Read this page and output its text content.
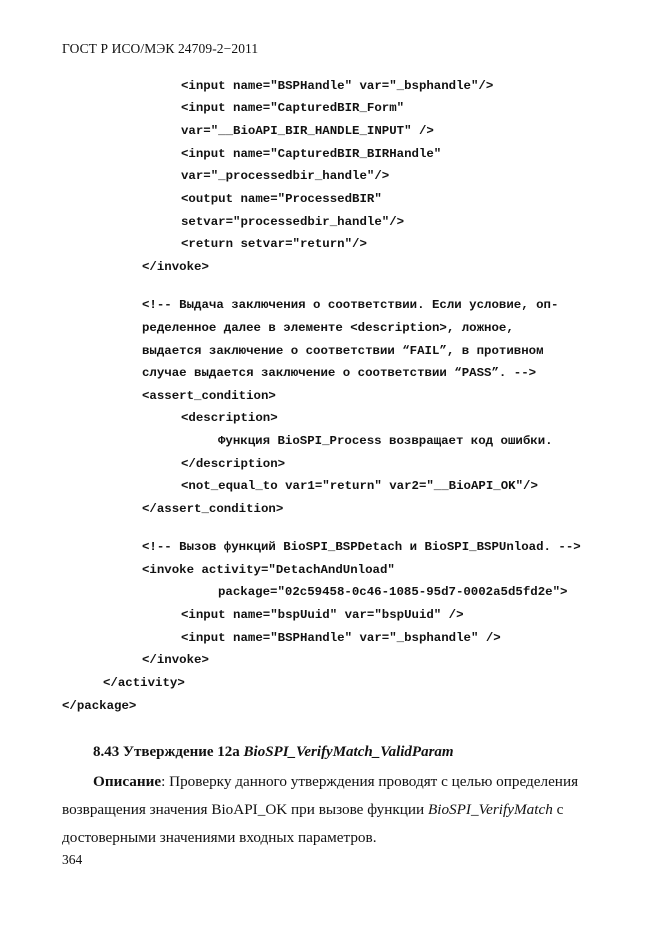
ГОСТ Р ИСО/МЭК 24709-2−2011
<input name="BSPHandle" var="_bsphandle"/>
<input name="CapturedBIR_Form"
var="__BioAPI_BIR_HANDLE_INPUT" />
<input name="CapturedBIR_BIRHandle"
var="_processedbir_handle"/>
<output name="ProcessedBIR"
setvar="processedbir_handle"/>
<return setvar="return"/>
</invoke>
<!-- Выдача заключения о соответствии. Если условие, оп-
ределенное далее в элементе <description>, ложное,
выдается заключение о соответствии “FAIL”, в противном
случае выдается заключение о соответствии “PASS”. -->
<assert_condition>
<description>
Функция BioSPI_Process возвращает код ошибки.
</description>
<not_equal_to var1="return" var2="__BioAPI_OK"/>
</assert_condition>
<!-- Вызов функций BioSPI_BSPDetach и BioSPI_BSPUnload. -->
<invoke activity="DetachAndUnload"
package="02c59458-0c46-1085-95d7-0002a5d5fd2e">
<input name="bspUuid" var="bspUuid" />
<input name="BSPHandle" var="_bsphandle" />
</invoke>
</activity>
</package>
8.43 Утверждение 12a BioSPI_VerifyMatch_ValidParam
Описание: Проверку данного утверждения проводят с целью определения
возвращения значения BioAPI_OK при вызове функции BioSPI_VerifyMatch с
достоверными значениями входных параметров.
364
